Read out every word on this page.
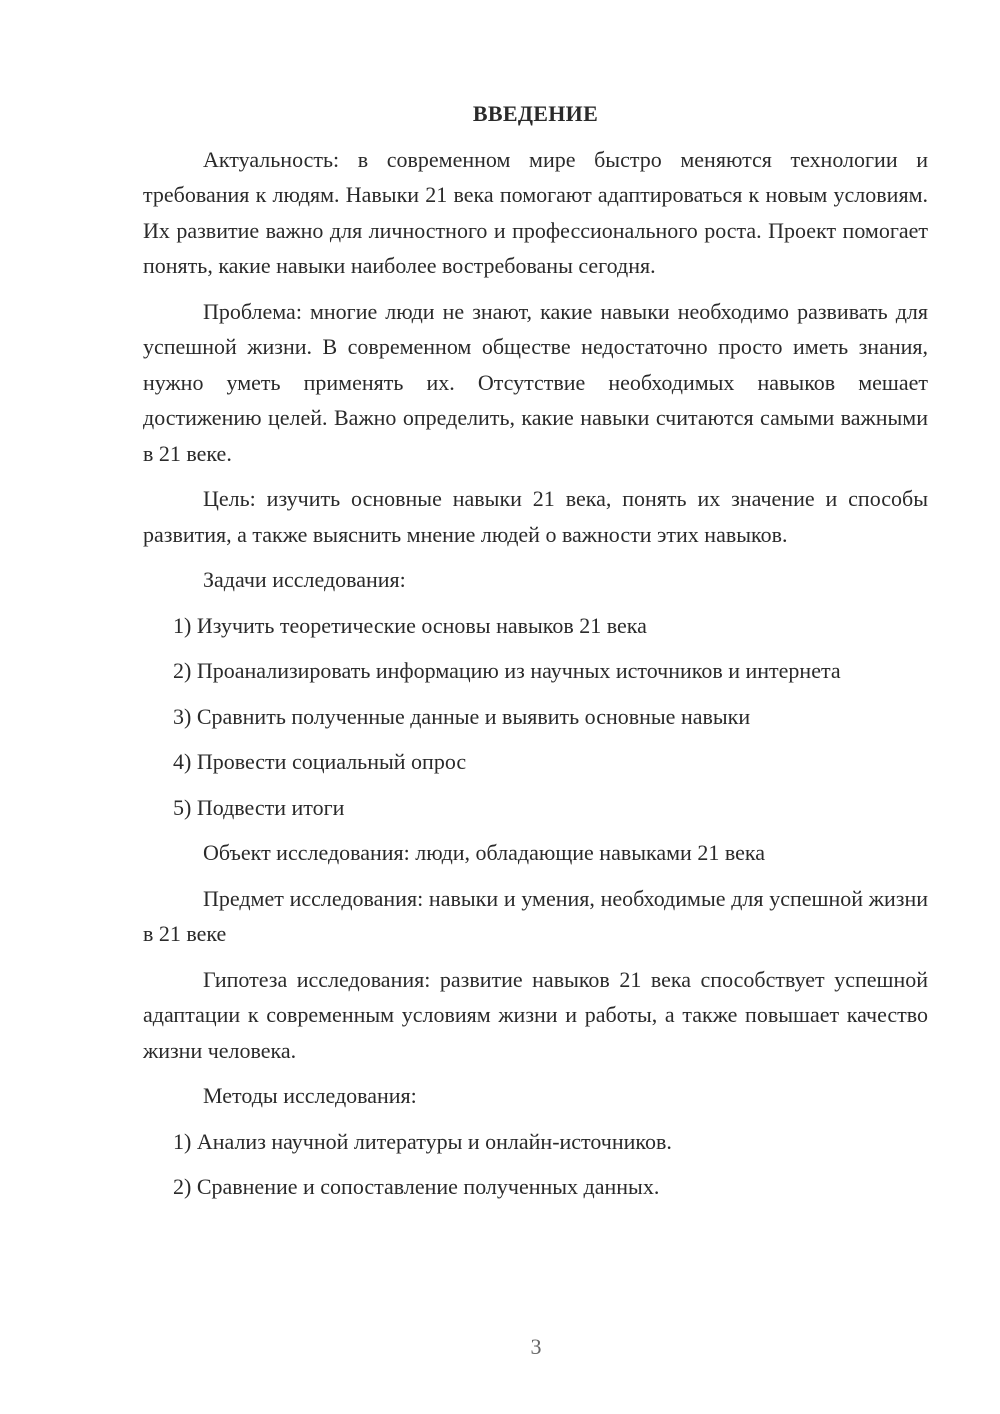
ВВЕДЕНИЕ

Актуальность: в современном мире быстро меняются технологии и требования к людям. Навыки 21 века помогают адаптироваться к новым условиям. Их развитие важно для личностного и профессионального роста. Проект помогает понять, какие навыки наиболее востребованы сегодня.

Проблема: многие люди не знают, какие навыки необходимо развивать для успешной жизни. В современном обществе недостаточно просто иметь знания, нужно уметь применять их. Отсутствие необходимых навыков мешает достижению целей. Важно определить, какие навыки считаются самыми важными в 21 веке.

Цель: изучить основные навыки 21 века, понять их значение и способы развития, а также выяснить мнение людей о важности этих навыков.

Задачи исследования:

1) Изучить теоретические основы навыков 21 века

2) Проанализировать информацию из научных источников и интернета

3) Сравнить полученные данные и выявить основные навыки

4) Провести социальный опрос

5) Подвести итоги

Объект исследования: люди, обладающие навыками 21 века

Предмет исследования: навыки и умения, необходимые для успешной жизни в 21 веке

Гипотеза исследования: развитие навыков 21 века способствует успешной адаптации к современным условиям жизни и работы, а также повышает качество жизни человека.

Методы исследования:

1) Анализ научной литературы и онлайн-источников.

2) Сравнение и сопоставление полученных данных.

3
